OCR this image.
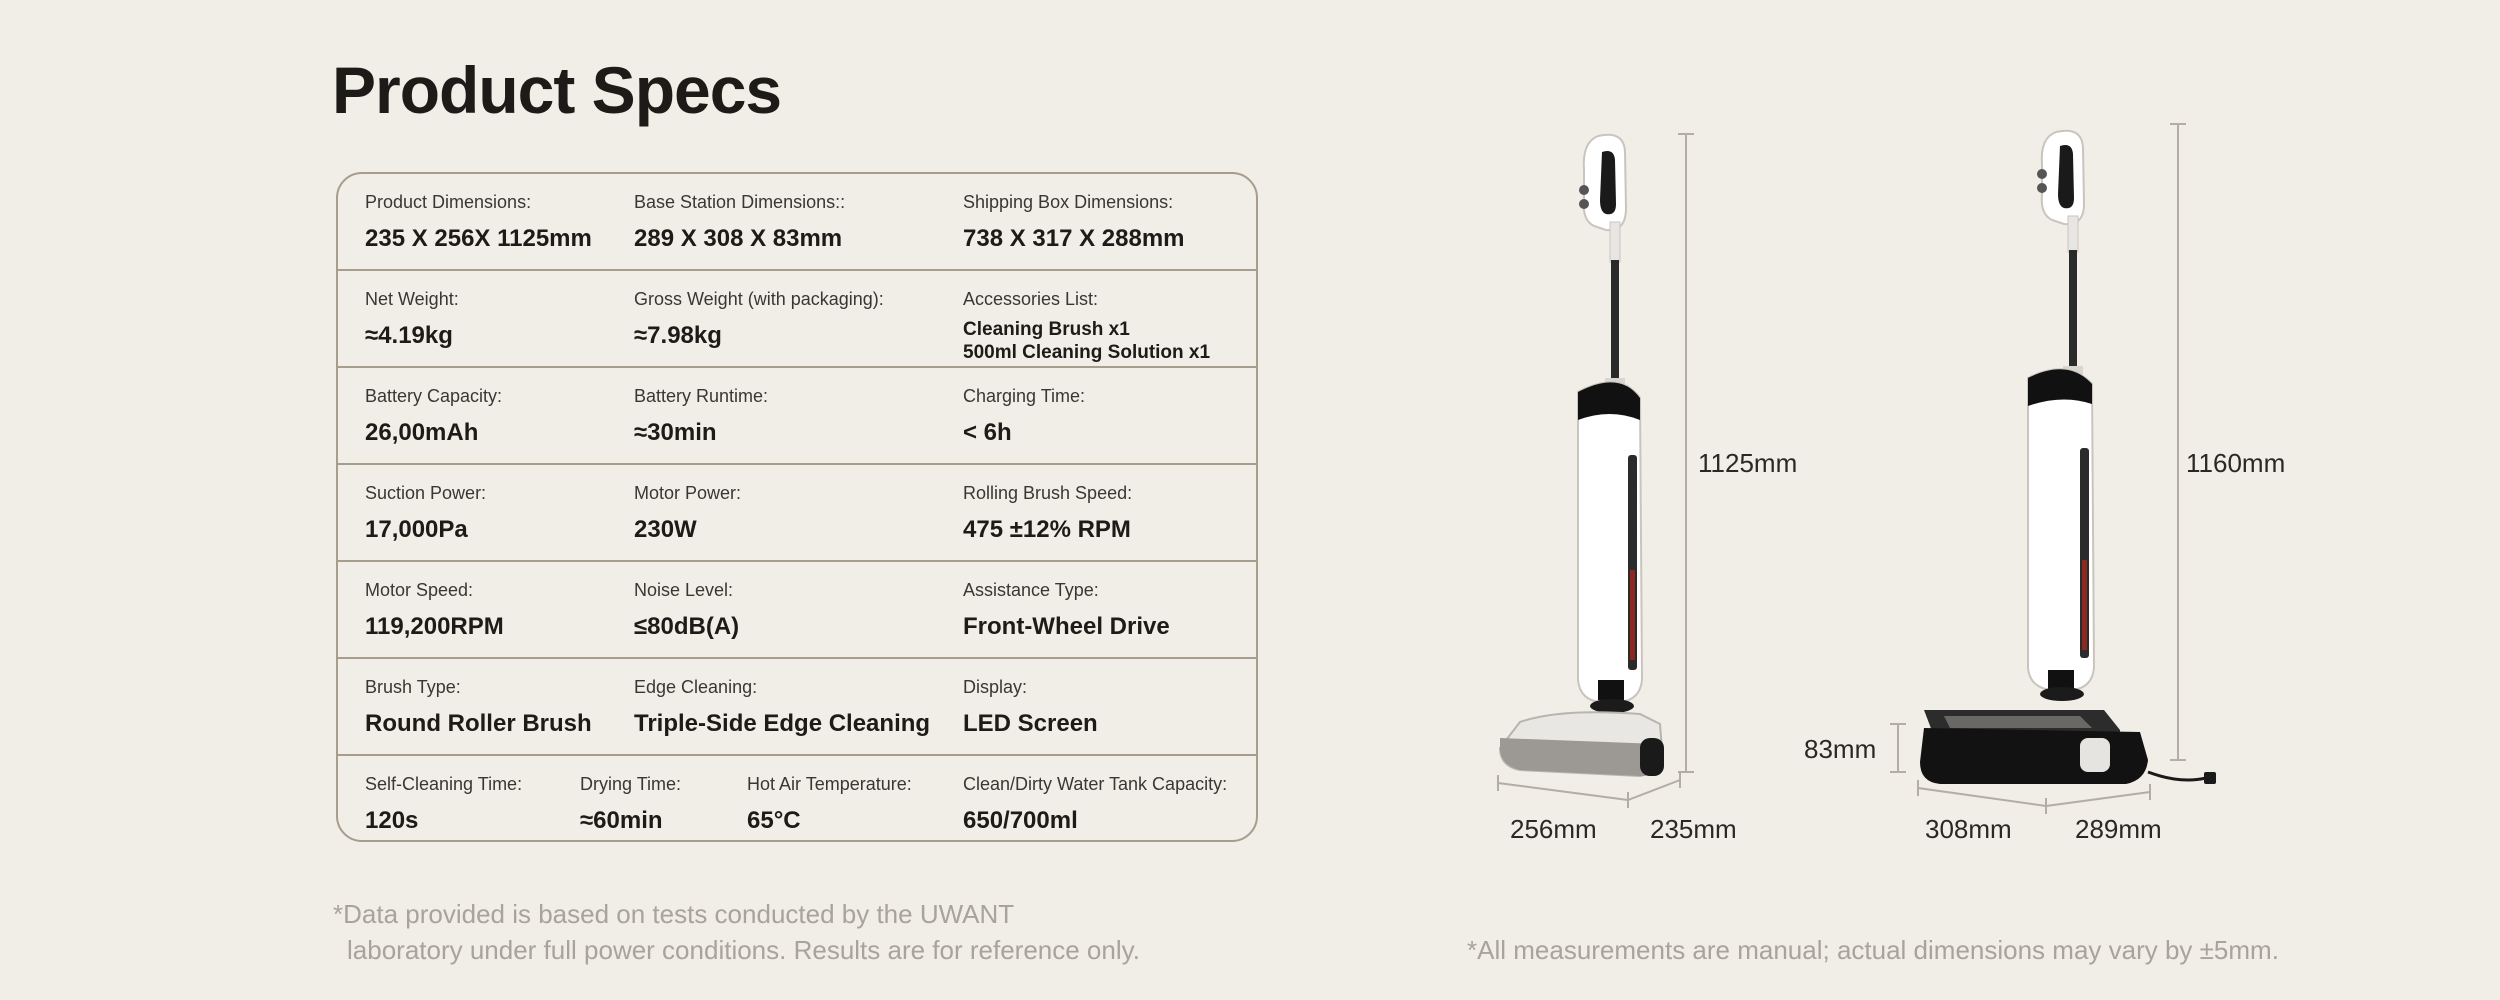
Product Specs
Product Dimensions:
235 X 256X 1125mm
Base Station Dimensions::
289 X 308 X 83mm
Shipping Box Dimensions:
738 X 317 X 288mm
Net Weight:
≈4.19kg
Gross Weight (with packaging):
≈7.98kg
Accessories List:
Cleaning Brush x1
500ml Cleaning Solution x1
Battery Capacity:
26,00mAh
Battery Runtime:
≈30min
Charging Time:
< 6h
Suction Power:
17,000Pa
Motor Power:
230W
Rolling Brush Speed:
475 ±12% RPM
Motor Speed:
119,200RPM
Noise Level:
≤80dB(A)
Assistance Type:
Front-Wheel Drive
Brush Type:
Round Roller Brush
Edge Cleaning:
Triple-Side Edge Cleaning
Display:
LED Screen
Self-Cleaning Time:
120s
Drying Time:
≈60min
Hot Air Temperature:
65°C
Clean/Dirty Water Tank Capacity:
650/700ml
*Data provided is based on tests conducted by the UWANT
laboratory under full power conditions. Results are for reference only.	*All measurements are manual; actual dimensions may vary by ±5mm.
1125mm
256mm 235mm
1160mm
83mm
308mm 289mm
